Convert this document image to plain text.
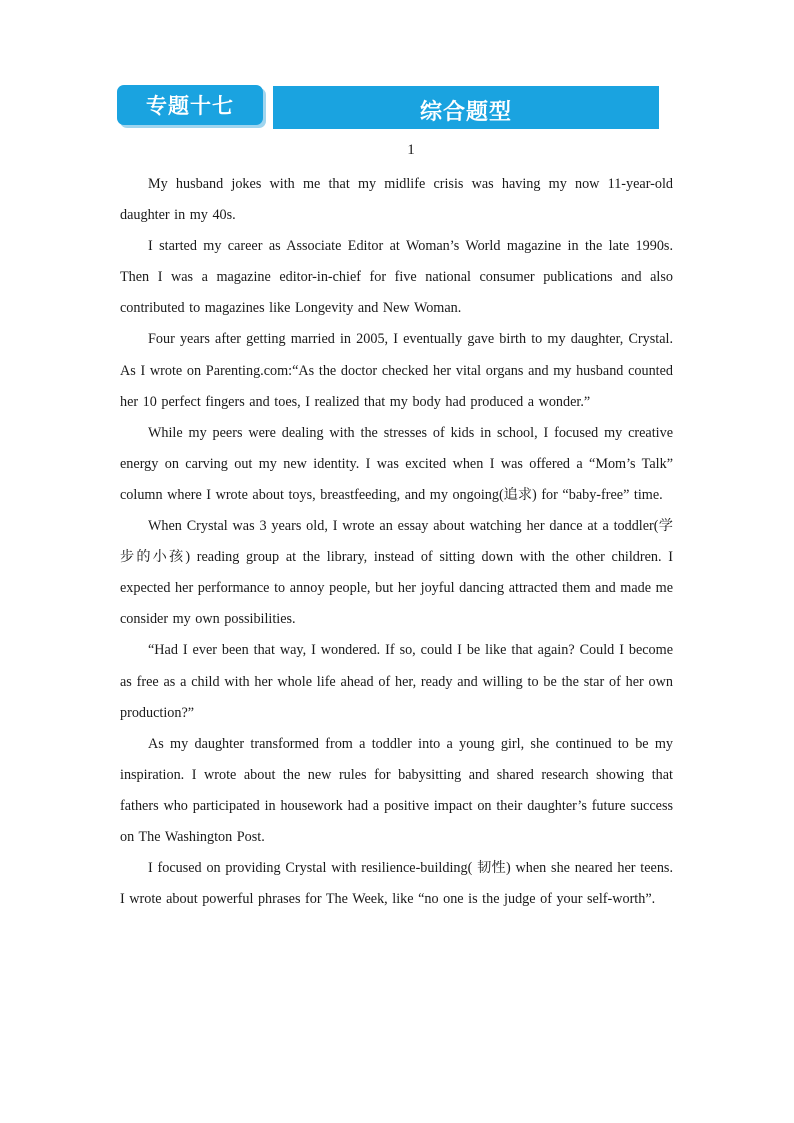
专题十七	综合题型
1

My husband jokes with me that my midlife crisis was having my now 11-year-old daughter in my 40s.

I started my career as Associate Editor at Woman’s World magazine in the late 1990s. Then I was a magazine editor-in-chief for five national consumer publications and also contributed to magazines like Longevity and New Woman.

Four years after getting married in 2005, I eventually gave birth to my daughter, Crystal. As I wrote on Parenting.com:“As the doctor checked her vital organs and my husband counted her 10 perfect fingers and toes, I realized that my body had produced a wonder.”

While my peers were dealing with the stresses of kids in school, I focused my creative energy on carving out my new identity. I was excited when I was offered a “Mom’s Talk” column where I wrote about toys, breastfeeding, and my ongoing(追求) for “baby-free” time.

When Crystal was 3 years old, I wrote an essay about watching her dance at a toddler(学步的小孩) reading group at the library, instead of sitting down with the other children. I expected her performance to annoy people, but her joyful dancing attracted them and made me consider my own possibilities.

“Had I ever been that way, I wondered. If so, could I be like that again? Could I become as free as a child with her whole life ahead of her, ready and willing to be the star of her own production?”

As my daughter transformed from a toddler into a young girl, she continued to be my inspiration. I wrote about the new rules for babysitting and shared research showing that fathers who participated in housework had a positive impact on their daughter’s future success on The Washington Post.

I focused on providing Crystal with resilience-building( 韧性) when she neared her teens. I wrote about powerful phrases for The Week, like “no one is the judge of your self-worth”.
